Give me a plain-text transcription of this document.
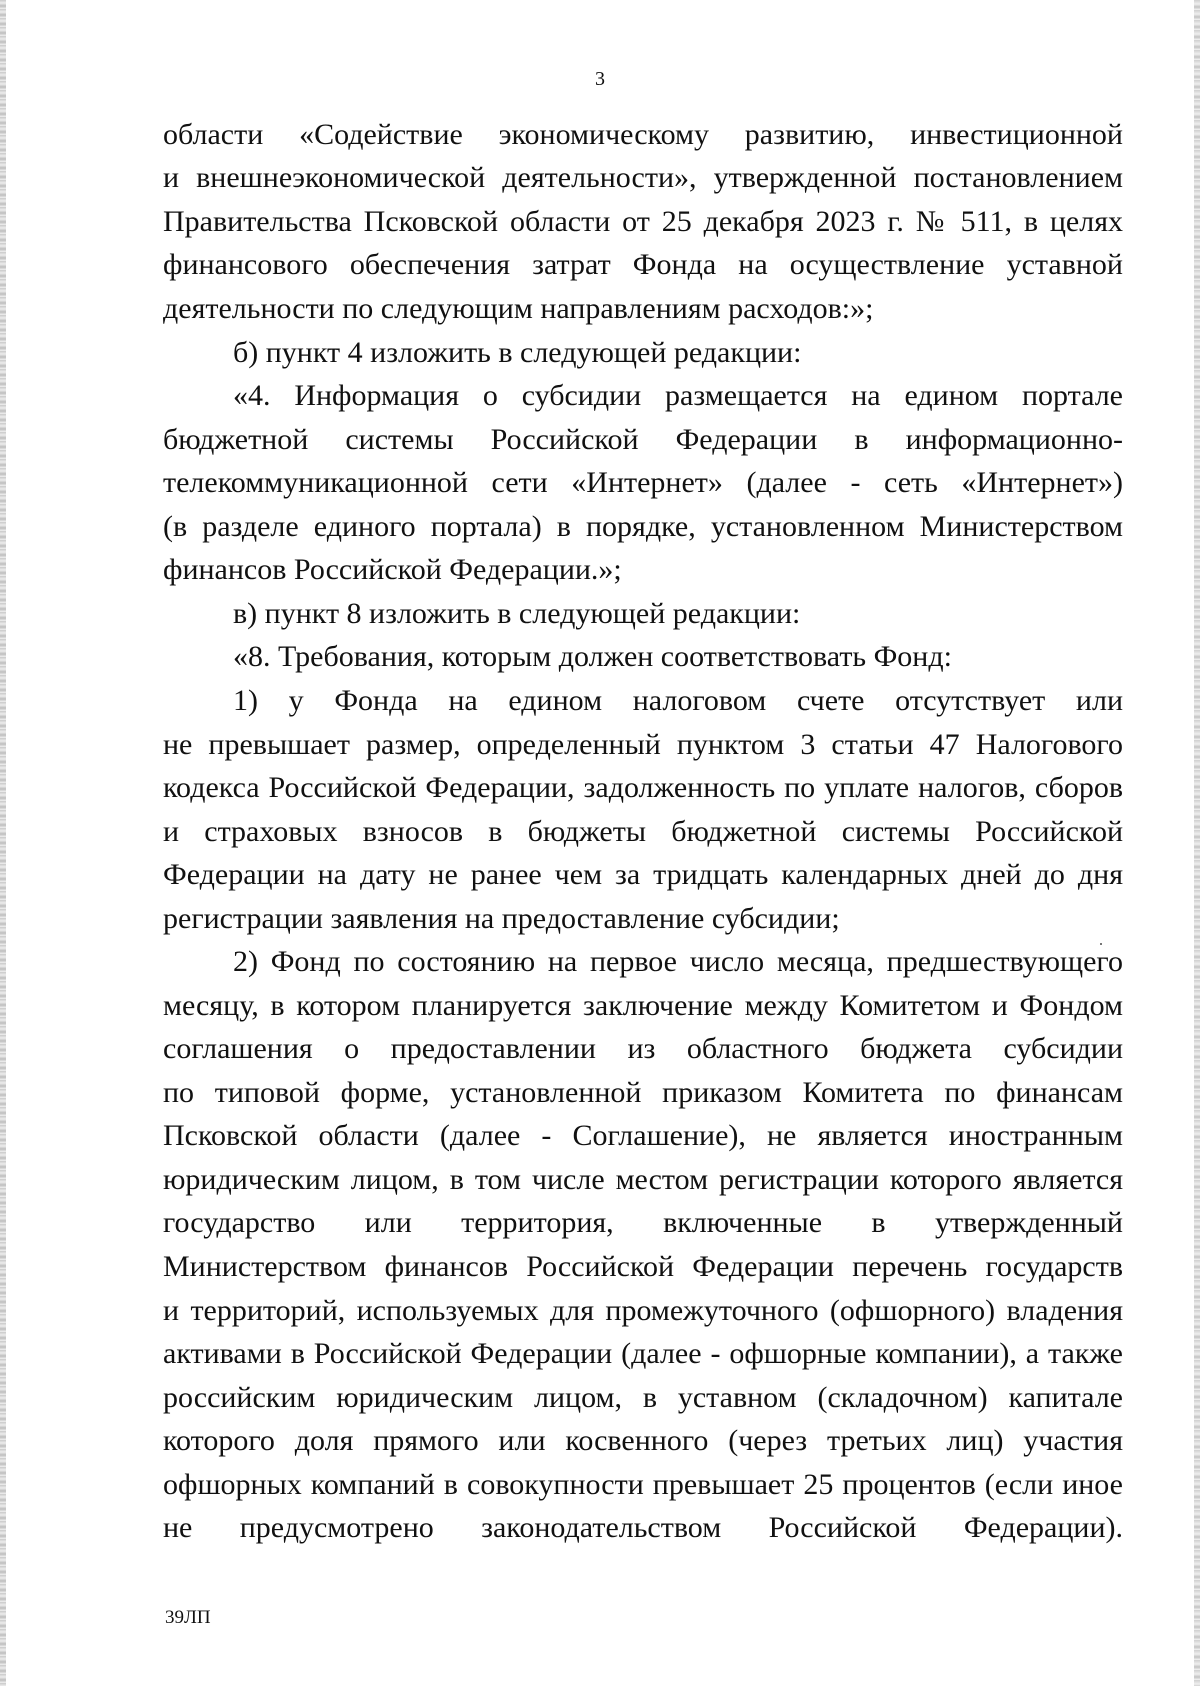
3
области «Содействие экономическому развитию, инвестиционной
и внешнеэкономической деятельности», утвержденной постановлением
Правительства Псковской области от 25 декабря 2023 г. № 511, в целях
финансового обеспечения затрат Фонда на осуществление уставной
деятельности по следующим направлениям расходов:»;
б) пункт 4 изложить в следующей редакции:
«4. Информация о субсидии размещается на едином портале
бюджетной системы Российской Федерации в информационно-
телекоммуникационной сети «Интернет» (далее - сеть «Интернет»)
(в разделе единого портала) в порядке, установленном Министерством
финансов Российской Федерации.»;
в) пункт 8 изложить в следующей редакции:
«8. Требования, которым должен соответствовать Фонд:
1) у Фонда на едином налоговом счете отсутствует или
не превышает размер, определенный пунктом 3 статьи 47 Налогового
кодекса Российской Федерации, задолженность по уплате налогов, сборов
и страховых взносов в бюджеты бюджетной системы Российской
Федерации на дату не ранее чем за тридцать календарных дней до дня
регистрации заявления на предоставление субсидии;
2) Фонд по состоянию на первое число месяца, предшествующего
месяцу, в котором планируется заключение между Комитетом и Фондом
соглашения о предоставлении из областного бюджета субсидии
по типовой форме, установленной приказом Комитета по финансам
Псковской области (далее - Соглашение), не является иностранным
юридическим лицом, в том числе местом регистрации которого является
государство или территория, включенные в утвержденный
Министерством финансов Российской Федерации перечень государств
и территорий, используемых для промежуточного (офшорного) владения
активами в Российской Федерации (далее - офшорные компании), а также
российским юридическим лицом, в уставном (складочном) капитале
которого доля прямого или косвенного (через третьих лиц) участия
офшорных компаний в совокупности превышает 25 процентов (если иное
не предусмотрено законодательством Российской Федерации).
39ЛП
